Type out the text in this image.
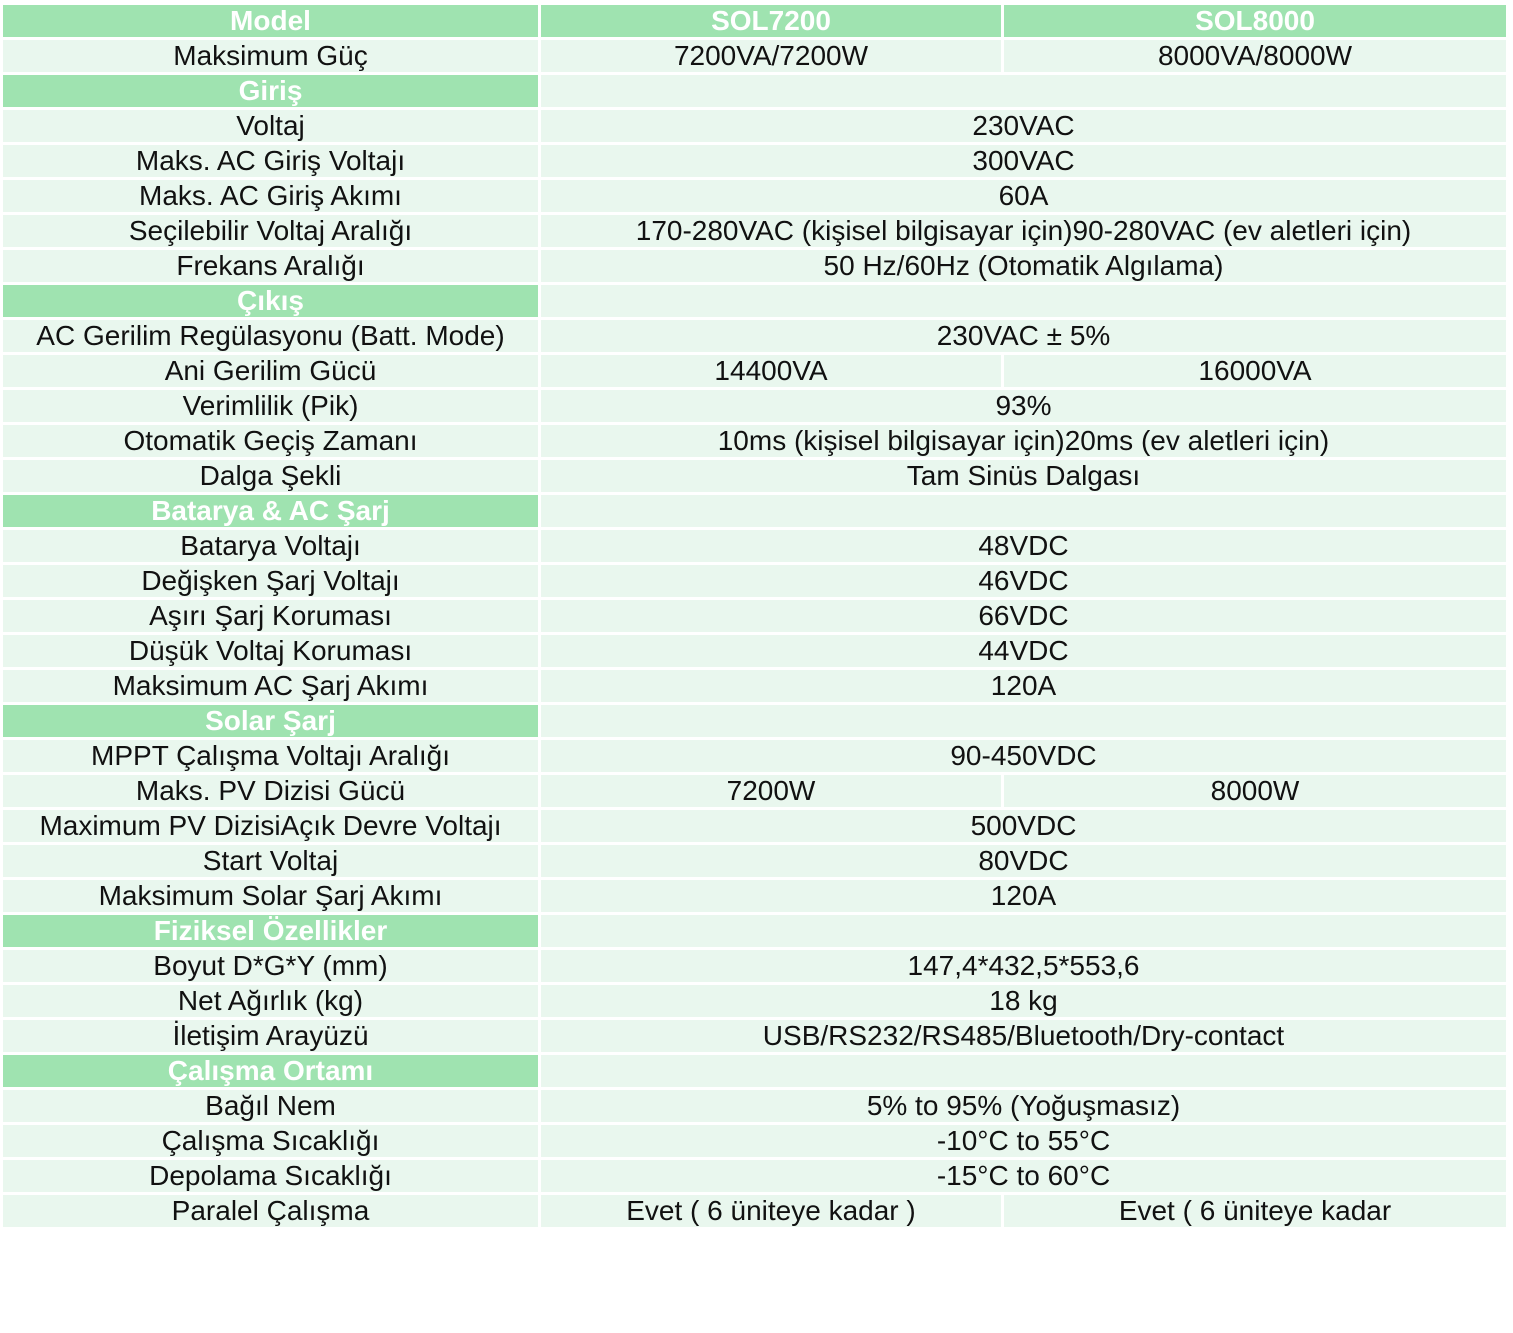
Model	SOL7200	SOL8000
Maksimum Güç	7200VA/7200W	8000VA/8000W
Giriş		
Voltaj	230VAC	
Maks. AC Giriş Voltajı	300VAC	
Maks. AC Giriş Akımı	60A	
Seçilebilir Voltaj Aralığı	170-280VAC (kişisel bilgisayar için)90-280VAC (ev aletleri için)	
Frekans Aralığı	50 Hz/60Hz (Otomatik Algılama)	
Çıkış		
AC Gerilim Regülasyonu (Batt. Mode)	230VAC ± 5%	
Ani Gerilim Gücü	14400VA	16000VA
Verimlilik (Pik)	93%	
Otomatik Geçiş Zamanı	10ms (kişisel bilgisayar için)20ms (ev aletleri için)	
Dalga Şekli	Tam Sinüs Dalgası	
Batarya & AC Şarj		
Batarya Voltajı	48VDC	
Değişken Şarj Voltajı	46VDC	
Aşırı Şarj Koruması	66VDC	
Düşük Voltaj Koruması	44VDC	
Maksimum AC Şarj Akımı	120A	
Solar Şarj		
MPPT Çalışma Voltajı Aralığı	90-450VDC	
Maks. PV Dizisi Gücü	7200W	8000W
Maximum PV DizisiAçık Devre Voltajı	500VDC	
Start Voltaj	80VDC	
Maksimum Solar Şarj Akımı	120A	
Fiziksel Özellikler		
Boyut D*G*Y (mm)	147,4*432,5*553,6	
Net Ağırlık (kg)	18 kg	
İletişim Arayüzü	USB/RS232/RS485/Bluetooth/Dry-contact	
Çalışma Ortamı		
Bağıl Nem	5% to 95% (Yoğuşmasız)	
Çalışma Sıcaklığı	-10°C to 55°C	
Depolama Sıcaklığı	-15°C to 60°C	
Paralel Çalışma	Evet ( 6 üniteye kadar )	Evet ( 6 üniteye kadar
